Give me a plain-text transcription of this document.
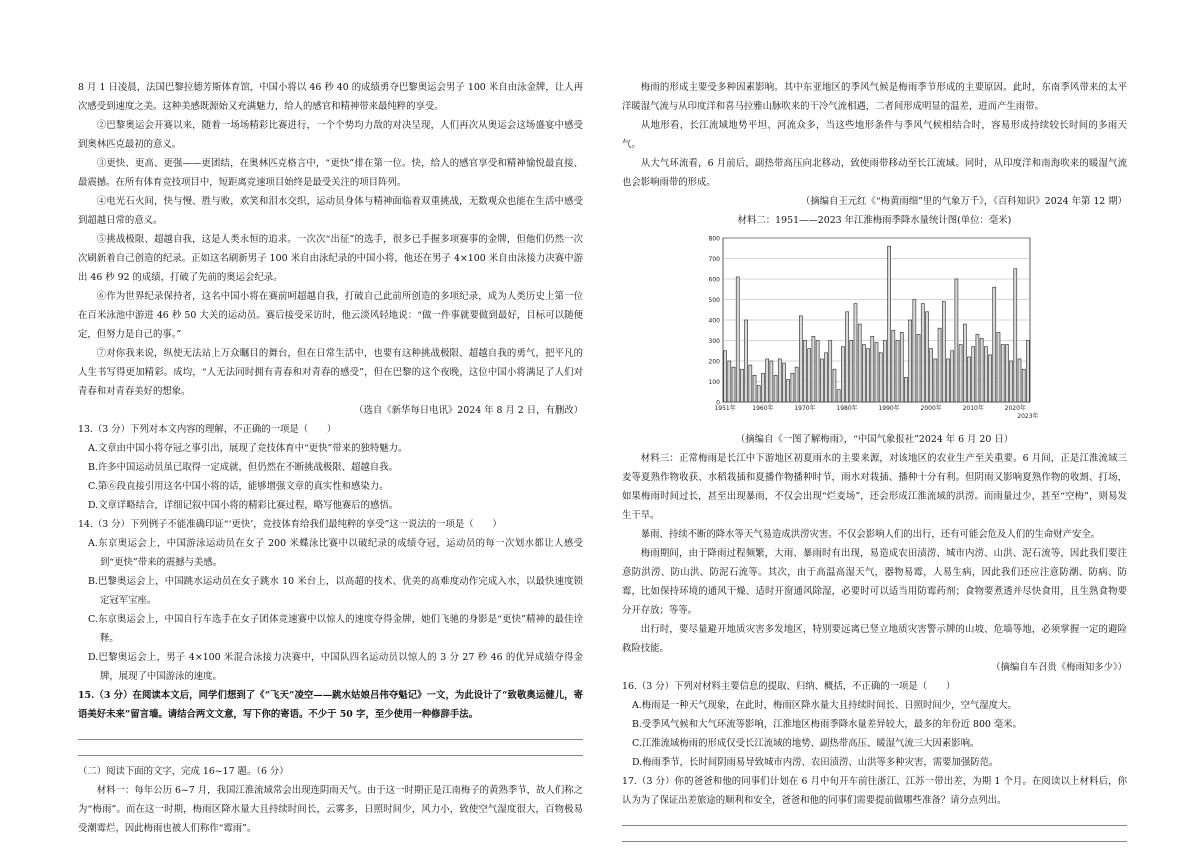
8 月 1 日凌晨，法国巴黎拉德芳斯体育馆，中国小将以 46 秒 40 的成绩勇夺巴黎奥运会男子 100 米自由泳金牌，让人再次感受到速度之美。这种美感既源始又充满魅力，给人的感官和精神带来最纯粹的享受。

②巴黎奥运会开赛以来，随着一场场精彩比赛进行，一个个势均力敌的对决呈现，人们再次从奥运会这场盛宴中感受到奥林匹克最初的意义。

③更快、更高、更强——更团结，在奥林匹克格言中，“更快”排在第一位。快，给人的感官享受和精神愉悦最直接、最震撼。在所有体育竞技项目中，短距离竞速项目始终是最受关注的项目阵列。

④电光石火间，快与慢、胜与败，欢笑和泪水交织，运动员身体与精神面临着双重挑战，无数观众也能在生活中感受到超越日常的意义。

⑤挑战极限、超越自我，这是人类永恒的追求。一次次“出征”的选手，很多已手握多项赛事的金牌，但他们仍然一次次刷新着自己创造的纪录。正如这名刷新男子 100 米自由泳纪录的中国小将，他还在男子 4×100 米自由泳接力决赛中游出 46 秒 92 的成绩，打破了先前的奥运会纪录。

⑥作为世界纪录保持者，这名中国小将在赛前呵超越自我，打破自己此前所创造的多项纪录，成为人类历史上第一位在百米泳池中游进 46 秒 50 大关的运动员。赛后接受采访时，他云淡风轻地说：“做一件事就要做到最好，目标可以随便定，但努力是自己的事。”

⑦对你我来说，纵使无法站上万众瞩目的舞台，但在日常生活中，也要有这种挑战极限、超越自我的勇气，把平凡的人生书写得更加精彩。成均，“人无法同时拥有青春和对青春的感受”，但在巴黎的这个夜晚，这位中国小将满足了人们对青春和对青春美好的想象。

（选自《新华每日电讯》2024 年 8 月 2 日，有删改）

13.（3 分）下列对本文内容的理解，不正确的一项是（　　）

A.文章由中国小将夺冠之事引出，展现了竞技体育中“更快”带来的独特魅力。

B.许多中国运动员虽已取得一定成就，但仍然在不断挑战极限、超越自我。

C.第⑥段直接引用这名中国小将的话，能够增强文章的真实性和感染力。

D.文章详略结合，详细记叙中国小将的精彩比赛过程，略写他赛后的感悟。

14.（3 分）下列例子不能准确印证“‘更快’，竞技体育给我们最纯粹的享受”这一说法的一项是（　　）

A.东京奥运会上，中国游泳运动员在女子 200 米蝶泳比赛中以破纪录的成绩夺冠，运动员的每一次划水都让人感受到“更快”带来的震撼与美感。

B.巴黎奥运会上，中国跳水运动员在女子跳水 10 米台上，以高超的技术、优美的高难度动作完成入水，以最快速度锁定冠军宝座。

C.东京奥运会上，中国自行车选手在女子团体竞速赛中以惊人的速度夺得金牌，她们飞驰的身影是“更快”精神的最佳诠释。

D.巴黎奥运会上，男子 4×100 米混合泳接力决赛中，中国队四名运动员以惊人的 3 分 27 秒 46 的优异成绩夺得金牌，展现了中国游泳的速度。

15.（3 分）在阅读本文后，同学们想到了《“飞天”凌空——跳水姑娘吕伟夺魁记》一文，为此设计了“致敬奥运健儿，寄语美好未来”留言墙。请结合两文文意，写下你的寄语。不少于 50 字，至少使用一种修辞手法。

（二）阅读下面的文字，完成 16~17 题。（6 分）

材料一：每年公历 6~7 月，我国江淮流域常会出现连阴雨天气。由于这一时期正是江南梅子的黄熟季节，故人们称之为“梅雨”。而在这一时期，梅雨区降水量大且持续时间长，云雾多，日照时间少，风力小，致使空气湿度很大，百物极易受潮霉烂，因此梅雨也被人们称作“霉雨”。

梅雨的形成主要受多种因素影响。其中东亚地区的季风气候是梅雨季节形成的主要原因。此时，东南季风带来的太平洋暖湿气流与从印度洋和喜马拉雅山脉吹来的干冷气流相遇，二者间形成明显的温差，进而产生雨带。

从地形看，长江流域地势平坦、河流众多，当这些地形条件与季风气候相结合时，容易形成持续较长时间的多雨天气。

从大气环流看，6 月前后，副热带高压向北移动，致使雨带移动至长江流域。同时，从印度洋和南海吹来的暖湿气流也会影响雨带的形成。

（摘编自王元红《“梅黄雨细”里的气象万千》，《百科知识》2024 年第 12 期）

材料二：1951——2023 年江淮梅雨季降水量统计图(单位：毫米)

0
100
200
300
400
500
600
700
800
1951年	1960年	1970年	1980年	1990年	2000年	2010年	2020年
2023年

（摘编自《一图了解梅雨》，“中国气象报社”2024 年 6 月 20 日）

材料三：正常梅雨是长江中下游地区初夏雨水的主要来源，对该地区的农业生产至关重要。6 月间，正是江淮流域三麦等夏熟作物收获、水稻栽插和夏播作物播种时节，雨水对栽插、播种十分有利。但阴雨又影响夏熟作物的收割、打场，如果梅雨时间过长，甚至出现暴雨，不仅会出现“烂麦场”，还会形成江淮流域的洪涝。而雨量过少，甚至“空梅”，则易发生干旱。

暴雨、持续不断的降水等天气易造成洪涝灾害。不仅会影响人们的出行，还有可能会危及人们的生命财产安全。

梅雨期间，由于降雨过程频繁，大雨、暴雨时有出现，易造成农田渍涝、城市内涝、山洪、泥石流等，因此我们要注意防洪涝、防山洪、防泥石流等。其次，由于高温高湿天气，器物易霉，人易生病，因此我们还应注意防潮、防病、防霉，比如保持环境的通风干燥、适时开窗通风除湿，必要时可以适当用防霉药剂；食物要煮透并尽快食用，且生熟食物要分开存放；等等。

出行时，要尽量避开地质灾害多发地区，特别要远离已竖立地质灾害警示牌的山坡、危墙等地，必须掌握一定的避险救险技能。

（摘编自车召贵《梅雨知多少》）

16.（3 分）下列对材料主要信息的提取、归纳、概括，不正确的一项是（　　）

A.梅雨是一种天气现象，在此时，梅雨区降水量大且持续时间长、日照时间少，空气湿度大。

B.受季风气候和大气环流等影响，江淮地区梅雨季降水量差异较大，最多的年份近 800 毫米。

C.江淮流域梅雨的形成仅受长江流域的地势、副热带高压、暖湿气流三大因素影响。

D.梅雨季节，长时间阴雨易导致城市内涝、农田渍涝、山洪等多种灾害，需要加强防范。

17.（3 分）你的爸爸和他的同事们计划在 6 月中旬开车前往浙江、江苏一带出差，为期 1 个月。在阅读以上材料后，你认为为了保证出差旅途的顺利和安全，爸爸和他的同事们需要提前做哪些准备？请分点列出。
